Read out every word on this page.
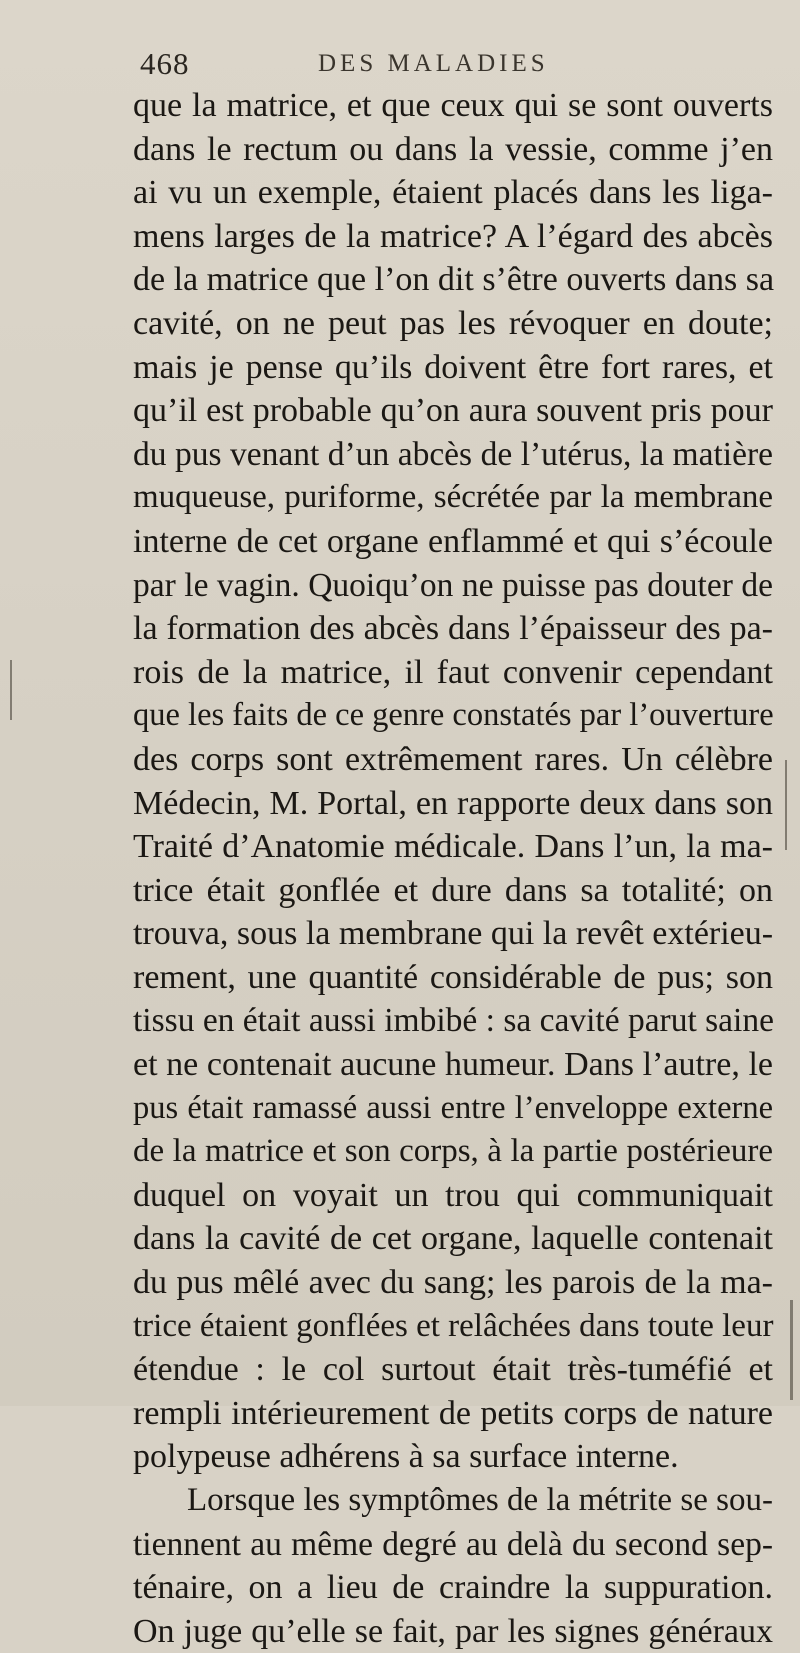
468	DES MALADIES
que la matrice, et que ceux qui se sont ouverts
dans le rectum ou dans la vessie, comme j’en
ai vu un exemple, étaient placés dans les liga-
mens larges de la matrice? A l’égard des abcès
de la matrice que l’on dit s’être ouverts dans sa
cavité, on ne peut pas les révoquer en doute;
mais je pense qu’ils doivent être fort rares, et
qu’il est probable qu’on aura souvent pris pour
du pus venant d’un abcès de l’utérus, la matière
muqueuse, puriforme, sécrétée par la membrane
interne de cet organe enflammé et qui s’écoule
par le vagin. Quoiqu’on ne puisse pas douter de
la formation des abcès dans l’épaisseur des pa-
rois de la matrice, il faut convenir cependant
que les faits de ce genre constatés par l’ouverture
des corps sont extrêmement rares. Un célèbre
Médecin, M. Portal, en rapporte deux dans son
Traité d’Anatomie médicale. Dans l’un, la ma-
trice était gonflée et dure dans sa totalité; on
trouva, sous la membrane qui la revêt extérieu-
rement, une quantité considérable de pus; son
tissu en était aussi imbibé : sa cavité parut saine
et ne contenait aucune humeur. Dans l’autre, le
pus était ramassé aussi entre l’enveloppe externe
de la matrice et son corps, à la partie postérieure
duquel on voyait un trou qui communiquait
dans la cavité de cet organe, laquelle contenait
du pus mêlé avec du sang; les parois de la ma-
trice étaient gonflées et relâchées dans toute leur
étendue : le col surtout était très-tuméfié et
rempli intérieurement de petits corps de nature
polypeuse adhérens à sa surface interne.
Lorsque les symptômes de la métrite se sou-
tiennent au même degré au delà du second sep-
ténaire, on a lieu de craindre la suppuration.
On juge qu’elle se fait, par les signes généraux
